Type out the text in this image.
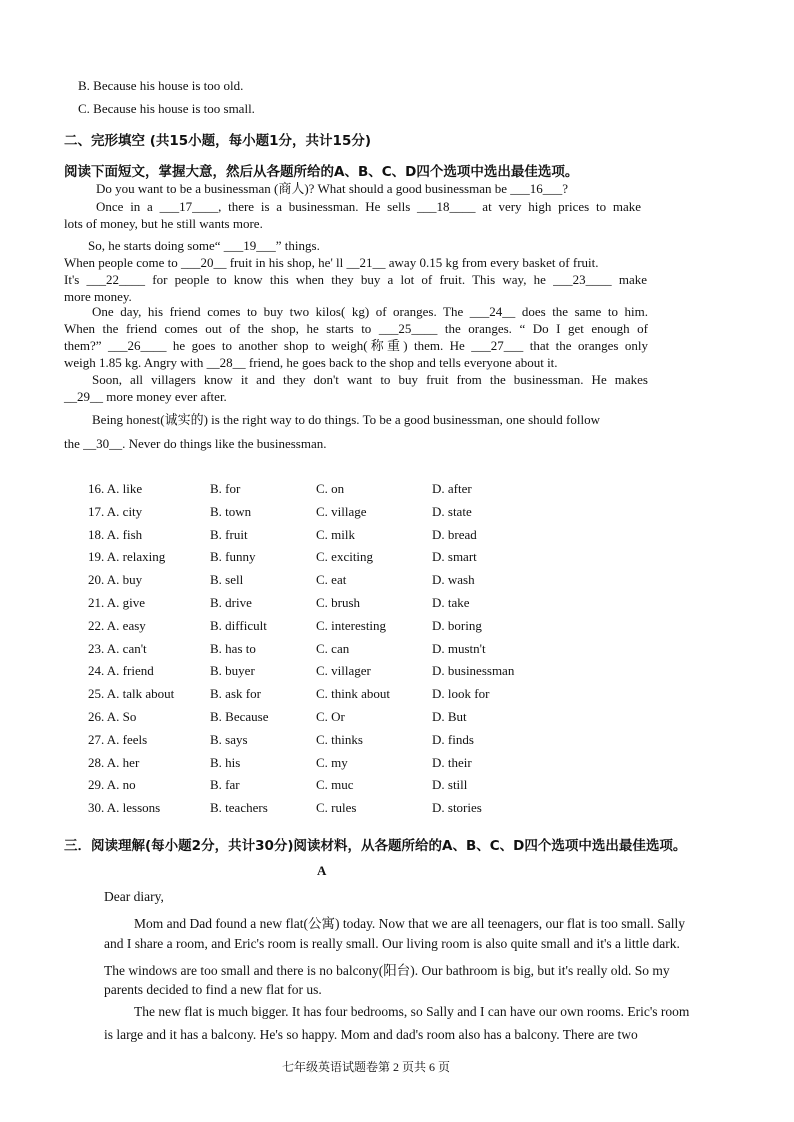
B. Because his house is too old.
C. Because his house is too small.
二、完形填空 (共15小题，每小题1分，共计15分)
阅读下面短文，掌握大意，然后从各题所给的A、B、C、D四个选项中选出最佳选项。
Do you want to be a businessman (商人)? What should a good businessman be ___16___?
Once in a ___17____, there is a businessman. He sells ___18____ at very high prices to make
lots of money, but he still wants more.
So, he starts doing some“ ___19___” things.
When people come to ___20__ fruit in his shop, he' ll __21__ away 0.15 kg from every basket of fruit.
It's ___22____ for people to know this when they buy a lot of fruit. This way, he ___23____ make
more money.
One day, his friend comes to buy two kilos( kg) of oranges. The ___24__ does the same to him.
When the friend comes out of the shop, he starts to ___25____ the oranges. “ Do I get enough of
them?” ___26____ he goes to another shop to weigh(称重) them. He ___27___ that the oranges only
weigh 1.85 kg. Angry with __28__ friend, he goes back to the shop and tells everyone about it.
Soon, all villagers know it and they don't want to buy fruit from the businessman. He makes
__29__ more money ever after.
Being honest(诚实的) is the right way to do things. To be a good businessman, one should follow
the __30__. Never do things like the businessman.
16. A. like	B. for	C. on	D. after
17. A. city	B. town	C. village	D. state
18. A. fish	B. fruit	C. milk	D. bread
19. A. relaxing	B. funny	C. exciting	D. smart
20. A. buy	B. sell	C. eat	D. wash
21. A. give	B. drive	C. brush	D. take
22. A. easy	B. difficult	C. interesting	D. boring
23. A. can't	B. has to	C. can	D. mustn't
24. A. friend	B. buyer	C. villager	D. businessman
25. A. talk about	B. ask for	C. think about	D. look for
26. A. So	B. Because	C. Or	D. But
27. A. feels	B. says	C. thinks	D. finds
28. A. her	B. his	C. my	D. their
29. A. no	B. far	C. muc	D. still
30. A. lessons	B. teachers	C. rules	D. stories
三．阅读理解(每小题2分，共计30分)阅读材料，从各题所给的A、B、C、D四个选项中选出最佳选项。
A
Dear diary,
Mom and Dad found a new flat(公寓) today. Now that we are all teenagers, our flat is too small. Sally
and I share a room, and Eric's room is really small. Our living room is also quite small and it's a little dark.
The windows are too small and there is no balcony(阳台). Our bathroom is big, but it's really old. So my
parents decided to find a new flat for us.
The new flat is much bigger. It has four bedrooms, so Sally and I can have our own rooms. Eric's room
is large and it has a balcony. He's so happy. Mom and dad's room also has a balcony. There are two
七年级英语试题卷第 2 页共 6 页
